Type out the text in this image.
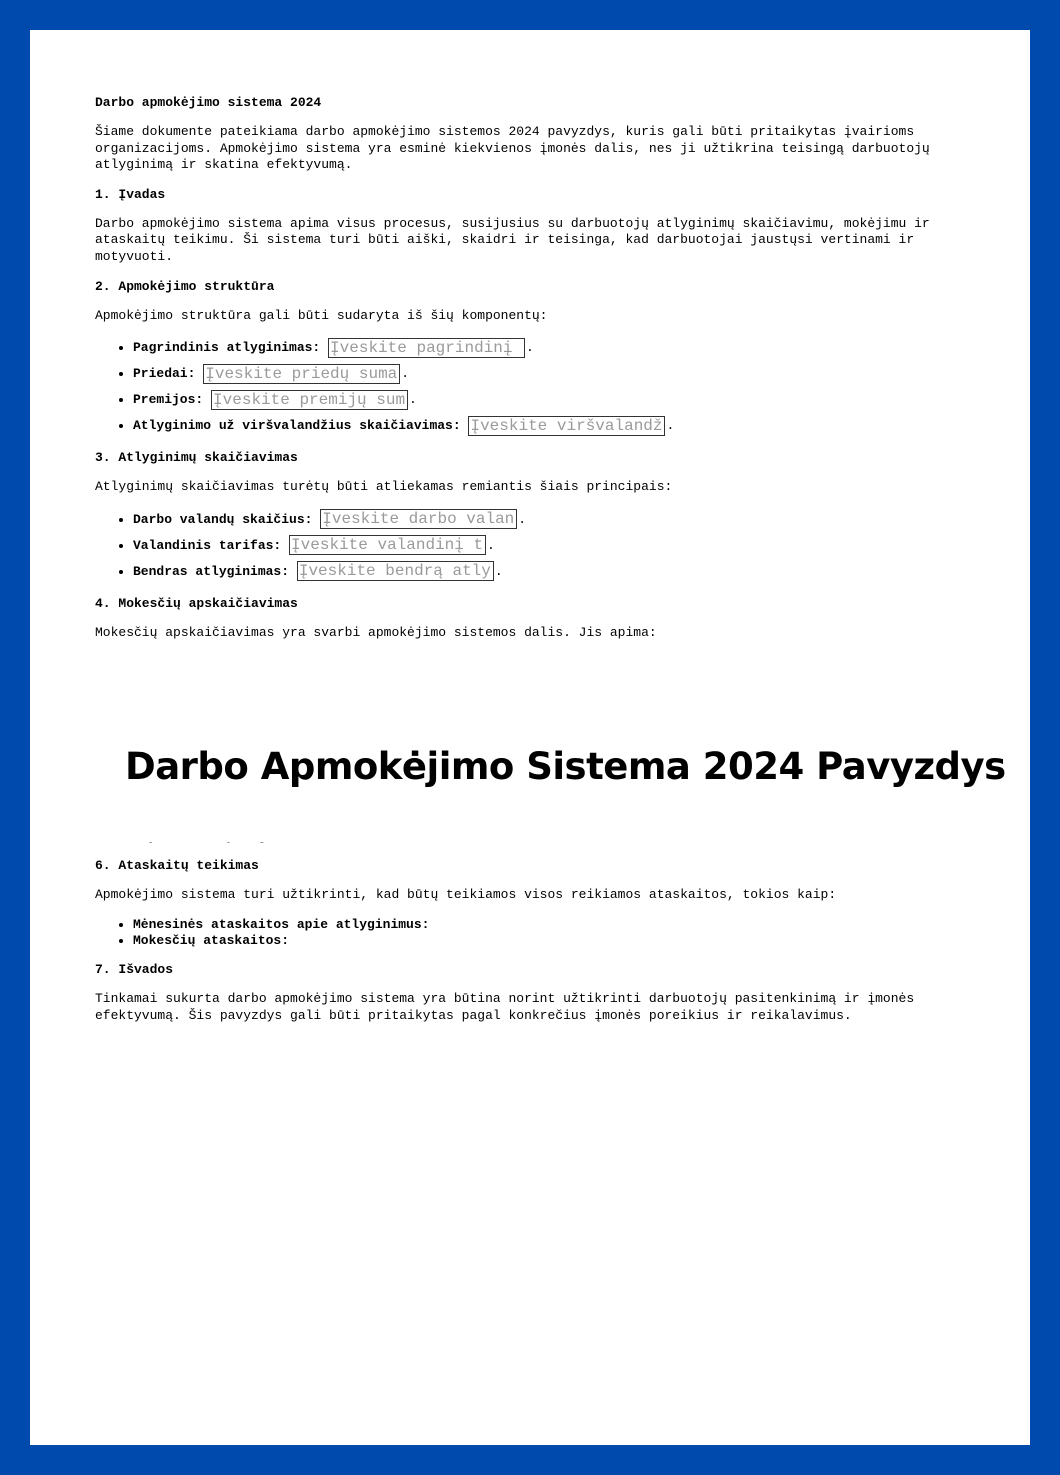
Darbo apmokėjimo sistema 2024

Šiame dokumente pateikiama darbo apmokėjimo sistemos 2024 pavyzdys, kuris gali būti pritaikytas įvairioms organizacijoms. Apmokėjimo sistema yra esminė kiekvienos įmonės dalis, nes ji užtikrina teisingą darbuotojų atlyginimą ir skatina efektyvumą.

1. Įvadas

Darbo apmokėjimo sistema apima visus procesus, susijusius su darbuotojų atlyginimų skaičiavimu, mokėjimu ir ataskaitų teikimu. Ši sistema turi būti aiški, skaidri ir teisinga, kad darbuotojai jaustųsi vertinami ir motyvuoti.

2. Apmokėjimo struktūra

Apmokėjimo struktūra gali būti sudaryta iš šių komponentų:

• Pagrindinis atlyginimas: Įveskite pagrindinį .
• Priedai: Įveskite priedų suma .
• Premijos: Įveskite premijų sum .
• Atlyginimo už viršvalandžius skaičiavimas: Įveskite viršvalandž .
3. Atlyginimų skaičiavimas

Atlyginimų skaičiavimas turėtų būti atliekamas remiantis šiais principais:

• Darbo valandų skaičius: Įveskite darbo valan .
• Valandinis tarifas: Įveskite valandinį t .
• Bendras atlyginimas: Įveskite bendrą atly .
4. Mokesčių apskaičiavimas

Mokesčių apskaičiavimas yra svarbi apmokėjimo sistemos dalis. Jis apima:

•
•
6. Ataskaitų teikimas

Apmokėjimo sistema turi užtikrinti, kad būtų teikiamos visos reikiamos ataskaitos, tokios kaip:

• Mėnesinės ataskaitos apie atlyginimus:
• Mokesčių ataskaitos:
7. Išvados

Tinkamai sukurta darbo apmokėjimo sistema yra būtina norint užtikrinti darbuotojų pasitenkinimą ir įmonės efektyvumą. Šis pavyzdys gali būti pritaikytas pagal konkrečius įmonės poreikius ir reikalavimus.

Darbo Apmokėjimo Sistema 2024 Pavyzdys
